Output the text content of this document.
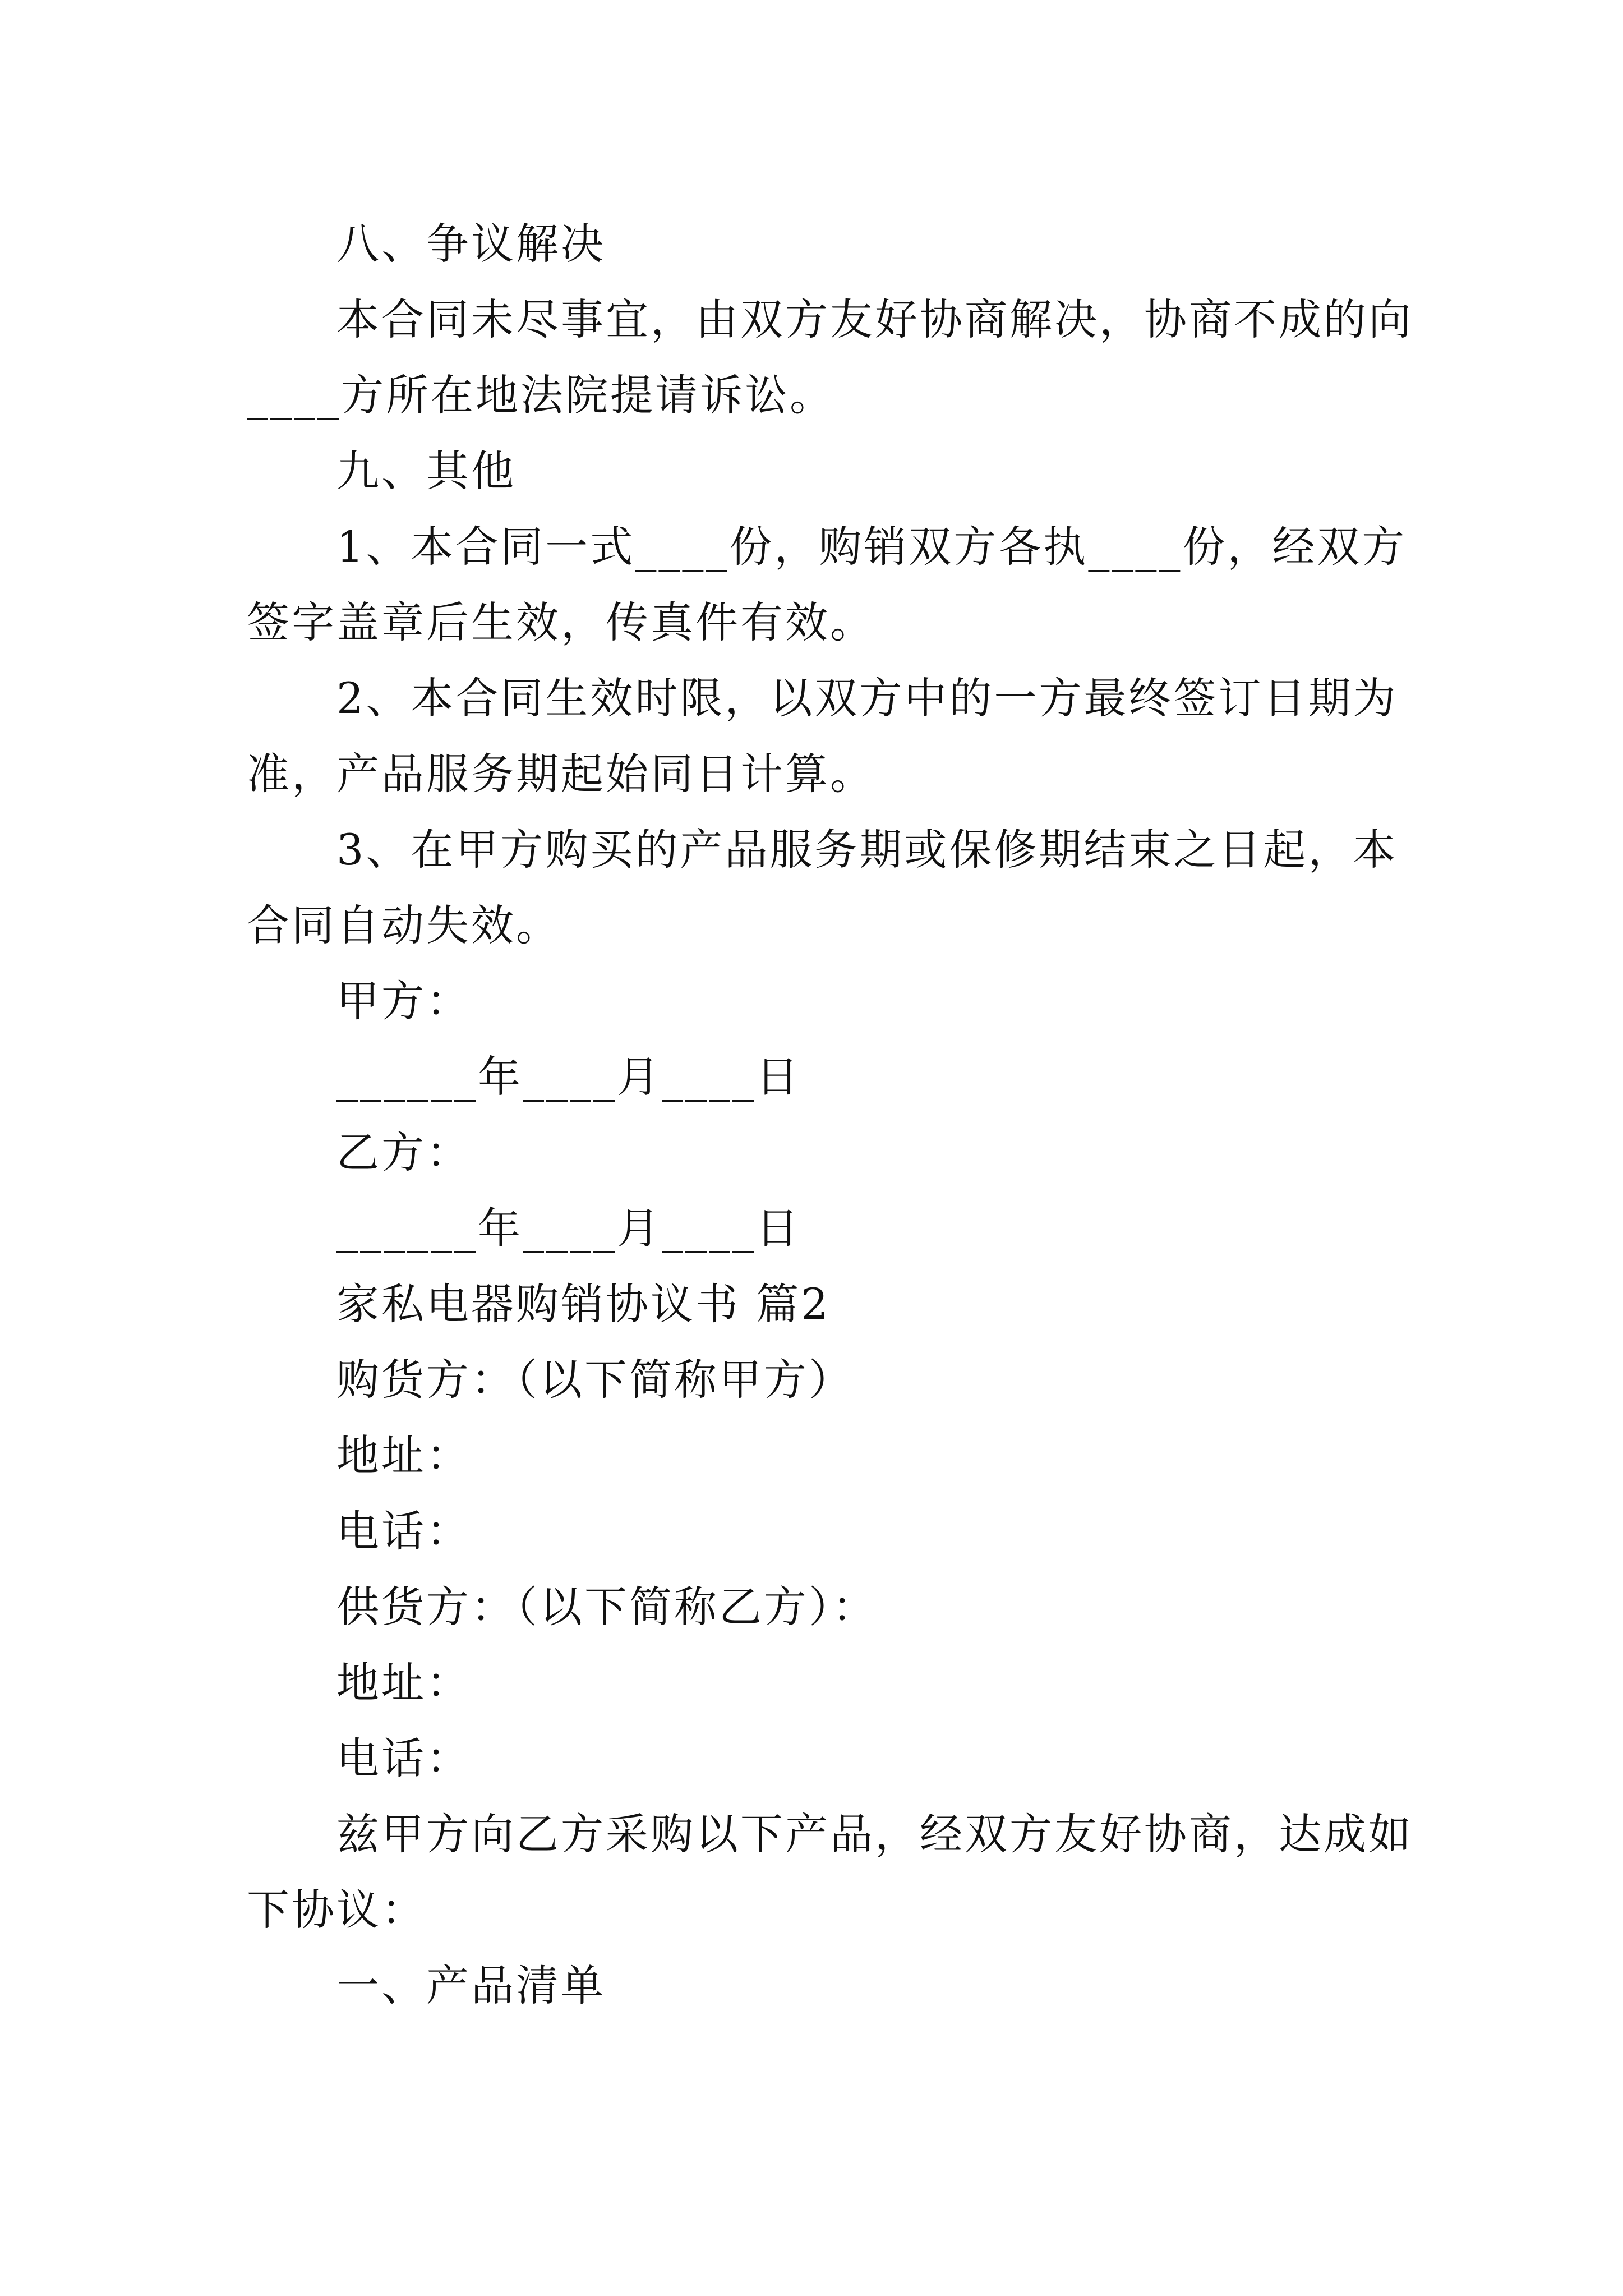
八、争议解决
本合同未尽事宜，由双方友好协商解决，协商不成的向
____方所在地法院提请诉讼。
九、其他
1、本合同一式____份，购销双方各执____份，经双方
签字盖章后生效，传真件有效。
2、本合同生效时限，以双方中的一方最终签订日期为
准，产品服务期起始同日计算。
3、在甲方购买的产品服务期或保修期结束之日起，本
合同自动失效。
甲方：
______年____月____日
乙方：
______年____月____日
家私电器购销协议书 篇2
购货方：（以下简称甲方）
地址：
电话：
供货方：（以下简称乙方）：
地址：
电话：
兹甲方向乙方采购以下产品，经双方友好协商，达成如
下协议：
一、产品清单
